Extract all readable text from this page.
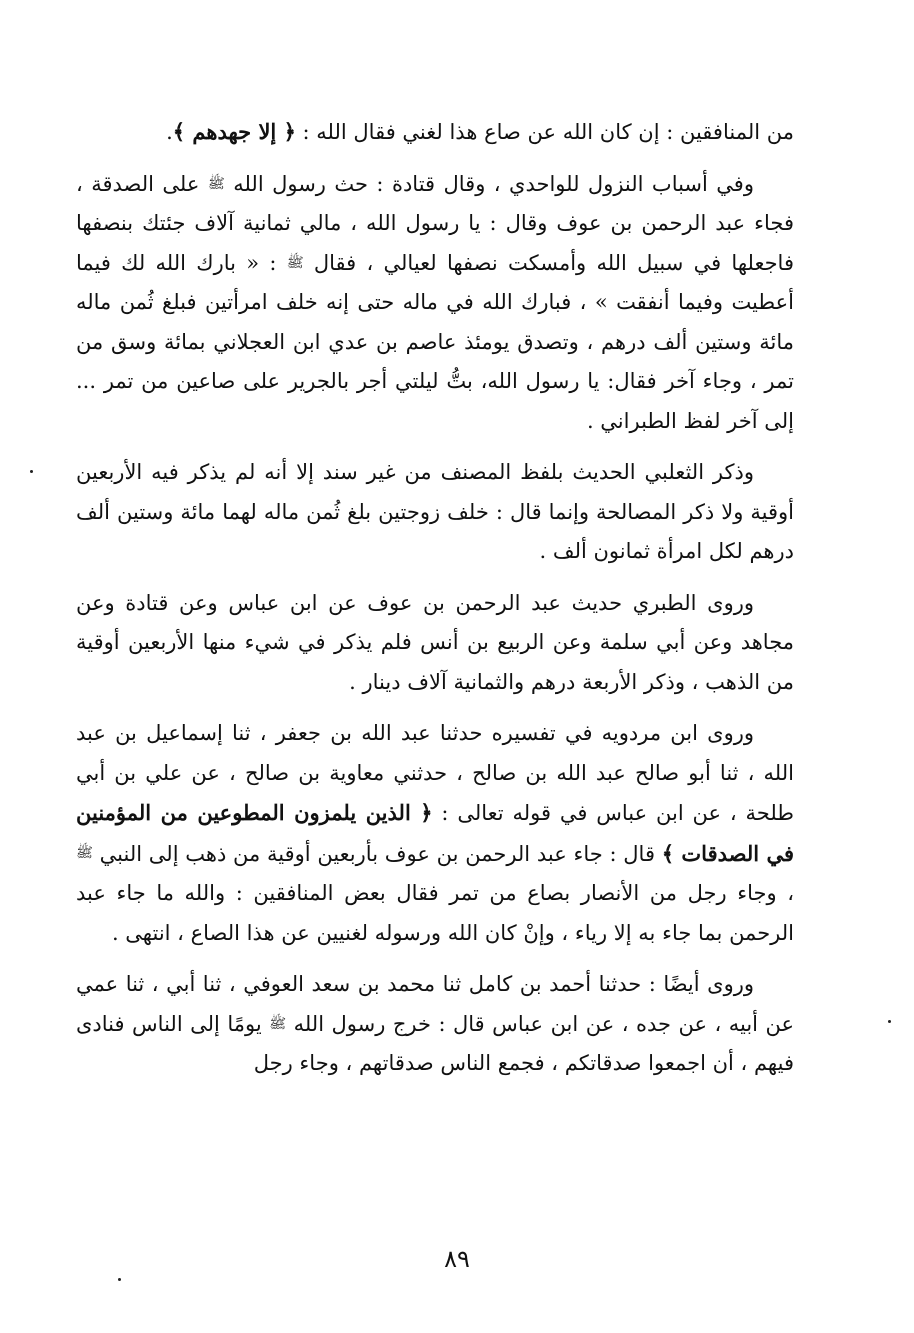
من المنافقين : إن كان الله عن صاع هذا لغني فقال الله : ﴿ إلا جهدهم ﴾.

وفي أسباب النزول للواحدي ، وقال قتادة : حث رسول الله $^ﷺ$ على الصدقة ، فجاء عبد الرحمن بن عوف وقال : يا رسول الله ، مالي ثمانية آلاف جئتك بنصفها فاجعلها في سبيل الله وأمسكت نصفها لعيالي ، فقال $^ﷺ$ : « بارك الله لك فيما أعطيت وفيما أنفقت » ، فبارك الله في ماله حتى إنه خلف امرأتين فبلغ ثُمن ماله مائة وستين ألف درهم ، وتصدق يومئذ عاصم بن عدي ابن العجلاني بمائة وسق من تمر ، وجاء آخر فقال: يا رسول الله، بتُّ ليلتي أجر بالجرير على صاعين من تمر ... إلى آخر لفظ الطبراني .

وذكر الثعلبي الحديث بلفظ المصنف من غير سند إلا أنه لم يذكر فيه الأربعين أوقية ولا ذكر المصالحة وإنما قال : خلف زوجتين بلغ ثُمن ماله لهما مائة وستين ألف درهم لكل امرأة ثمانون ألف .

وروى الطبري حديث عبد الرحمن بن عوف عن ابن عباس وعن قتادة وعن مجاهد وعن أبي سلمة وعن الربيع بن أنس فلم يذكر في شيء منها الأربعين أوقية من الذهب ، وذكر الأربعة درهم والثمانية آلاف دينار .

وروى ابن مردويه في تفسيره حدثنا عبد الله بن جعفر ، ثنا إسماعيل بن عبد الله ، ثنا أبو صالح عبد الله بن صالح ، حدثني معاوية بن صالح ، عن علي بن أبي طلحة ، عن ابن عباس في قوله تعالى : ﴿ الذين يلمزون المطوعين من المؤمنين في الصدقات ﴾ قال : جاء عبد الرحمن بن عوف بأربعين أوقية من ذهب إلى النبي $^ﷺ$ ، وجاء رجل من الأنصار بصاع من تمر فقال بعض المنافقين : والله ما جاء عبد الرحمن بما جاء به إلا رياء ، وإنْ كان الله ورسوله لغنيين عن هذا الصاع ، انتهى .

وروى أيضًا : حدثنا أحمد بن كامل ثنا محمد بن سعد العوفي ، ثنا أبي ، ثنا عمي عن أبيه ، عن جده ، عن ابن عباس قال : خرج رسول الله $^ﷺ$ يومًا إلى الناس فنادى فيهم ، أن اجمعوا صدقاتكم ، فجمع الناس صدقاتهم ، وجاء رجل

٨٩
